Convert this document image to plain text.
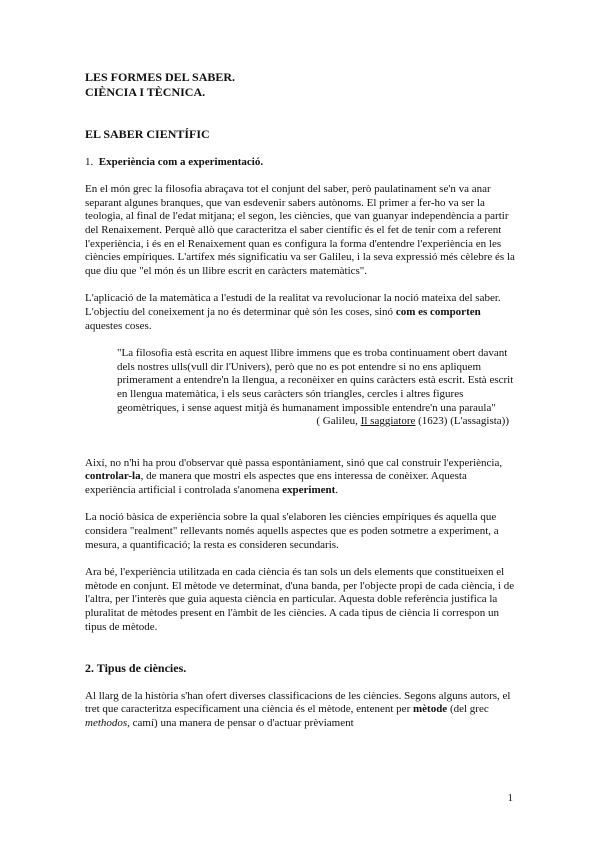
LES FORMES DEL SABER.

CIÈNCIA I TÈCNICA.

EL SABER CIENTÍFIC

1. Experiència com a experimentació.

En el món grec la filosofia abraçava tot el conjunt del saber, però paulatinament se'n va anar separant algunes branques, que van esdevenir sabers autònoms. El primer a fer-ho va ser la teologia, al final de l'edat mitjana; el segon, les ciències, que van guanyar independència a partir del Renaixement. Perquè allò que caracteritza el saber científic és el fet de tenir com a referent l'experiència, i és en el Renaixement quan es configura la forma d'entendre l'experiència en les ciències empíriques. L'artífex més significatiu va ser Galileu, i la seva expressió més cèlebre és la que diu que "el món és un llibre escrit en caràcters matemàtics".

L'aplicació de la matemàtica a l'estudi de la realitat va revolucionar la noció mateixa del saber. L'objectiu del coneixement ja no és determinar què són les coses, sinó com es comporten aquestes coses.

"La filosofia està escrita en aquest llibre immens que es troba continuament obert davant dels nostres ulls(vull dir l'Univers), però que no es pot entendre si no ens apliquem primerament a entendre'n la llengua, a reconèixer en quins caràcters està escrit. Està escrit en llengua matemàtica, i els seus caràcters són triangles, cercles i altres figures geomètriques, i sense aquest mitjà és humanament impossible entendre'n una paraula"

( Galileu, Il saggiatore (1623) (L'assagista))

Així, no n'hi ha prou d'observar què passa espontàniament, sinó que cal construir l'experiència, controlar-la, de manera que mostri els aspectes que ens interessa de conèixer. Aquesta experiència artificial i controlada s'anomena experiment.

La noció bàsica de experiència sobre la qual s'elaboren les ciències empíriques és aquella que considera "realment" rellevants només aquells aspectes que es poden sotmetre a experiment, a mesura, a quantificació; la resta es consideren secundaris.

Ara bé, l'experiència utilitzada en cada ciència és tan sols un dels elements que constitueixen el mètode en conjunt. El mètode ve determinat, d'una banda, per l'objecte propi de cada ciència, i de l'altra, per l'interès que guia aquesta ciència en particular. Aquesta doble referència justifica la pluralitat de mètodes present en l'àmbit de les ciències. A cada tipus de ciència li correspon un tipus de mètode.

2. Tipus de ciències.

Al llarg de la història s'han ofert diverses classificacions de les ciències. Segons alguns autors, el tret que caracteritza específicament una ciència és el mètode, entenent per mètode (del grec methodos, camí) una manera de pensar o d'actuar prèviament

1
